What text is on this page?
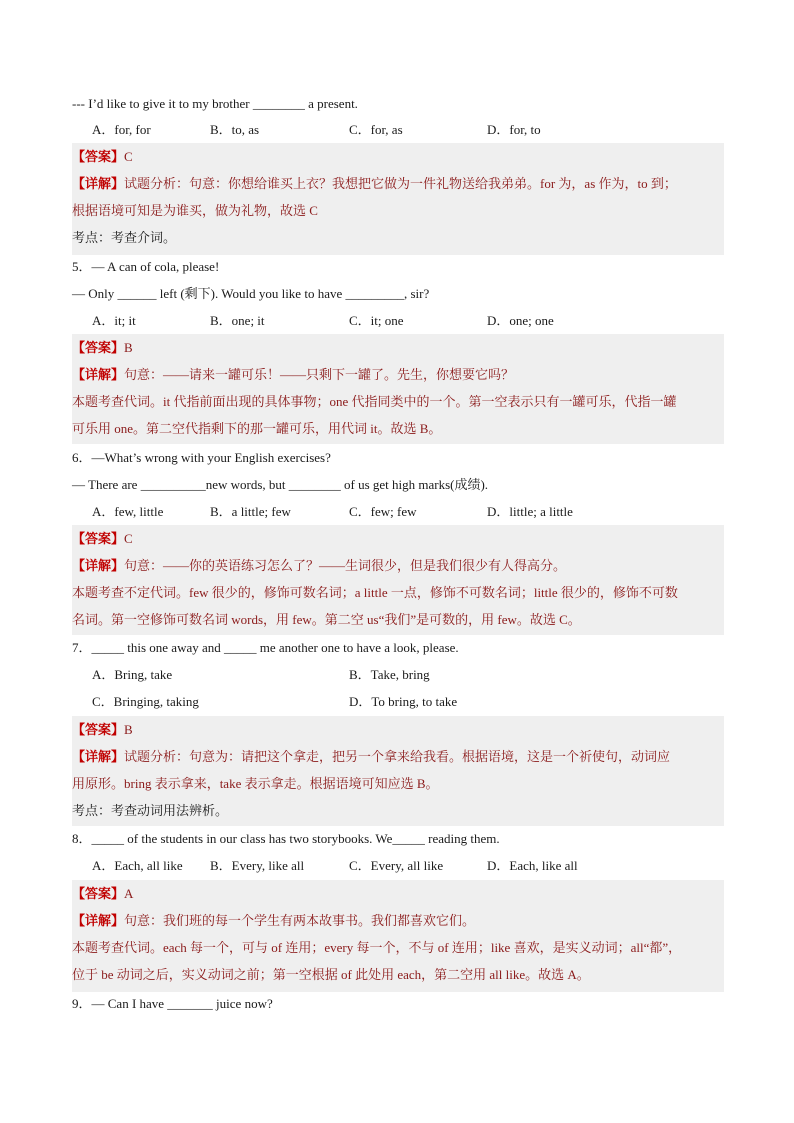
--- I’d like to give it to my brother ________ a present.
A．for, for	B．to, as	C．for, as	D．for, to
【答案】C
【详解】试题分析：句意：你想给谁买上衣？我想把它做为一件礼物送给我弟弟。for 为，as 作为，to 到；
根据语境可知是为谁买，做为礼物，故选 C
考点：考查介词。
5．— A can of cola, please!
— Only ______ left (剩下). Would you like to have _________, sir?
A．it; it	B．one; it	C．it; one	D．one; one
【答案】B
【详解】句意：——请来一罐可乐！——只剩下一罐了。先生，你想要它吗？
本题考查代词。it 代指前面出现的具体事物；one 代指同类中的一个。第一空表示只有一罐可乐，代指一罐
可乐用 one。第二空代指剩下的那一罐可乐，用代词 it。故选 B。
6．—What’s wrong with your English exercises?
— There are __________new words, but ________ of us get high marks(成绩).
A．few, little	B．a little; few	C．few; few	D．little; a little
【答案】C
【详解】句意：——你的英语练习怎么了？——生词很少，但是我们很少有人得高分。
本题考查不定代词。few 很少的，修饰可数名词；a little 一点，修饰不可数名词；little 很少的，修饰不可数
名词。第一空修饰可数名词 words，用 few。第二空 us“我们”是可数的，用 few。故选 C。
7．_____ this one away and _____ me another one to have a look, please.
A．Bring, take	B．Take, bring
C．Bringing, taking	D．To bring, to take
【答案】B
【详解】试题分析：句意为：请把这个拿走，把另一个拿来给我看。根据语境，这是一个祈使句，动词应
用原形。bring 表示拿来，take 表示拿走。根据语境可知应选 B。
考点：考查动词用法辨析。
8．_____ of the students in our class has two storybooks. We_____ reading them.
A．Each, all like B．Every, like all	C．Every, all like	D．Each, like all
【答案】A
【详解】句意：我们班的每一个学生有两本故事书。我们都喜欢它们。
本题考查代词。each 每一个，可与 of 连用；every 每一个，不与 of 连用；like 喜欢，是实义动词；all“都”，
位于 be 动词之后，实义动词之前；第一空根据 of 此处用 each，第二空用 all like。故选 A。
9．— Can I have _______ juice now?
